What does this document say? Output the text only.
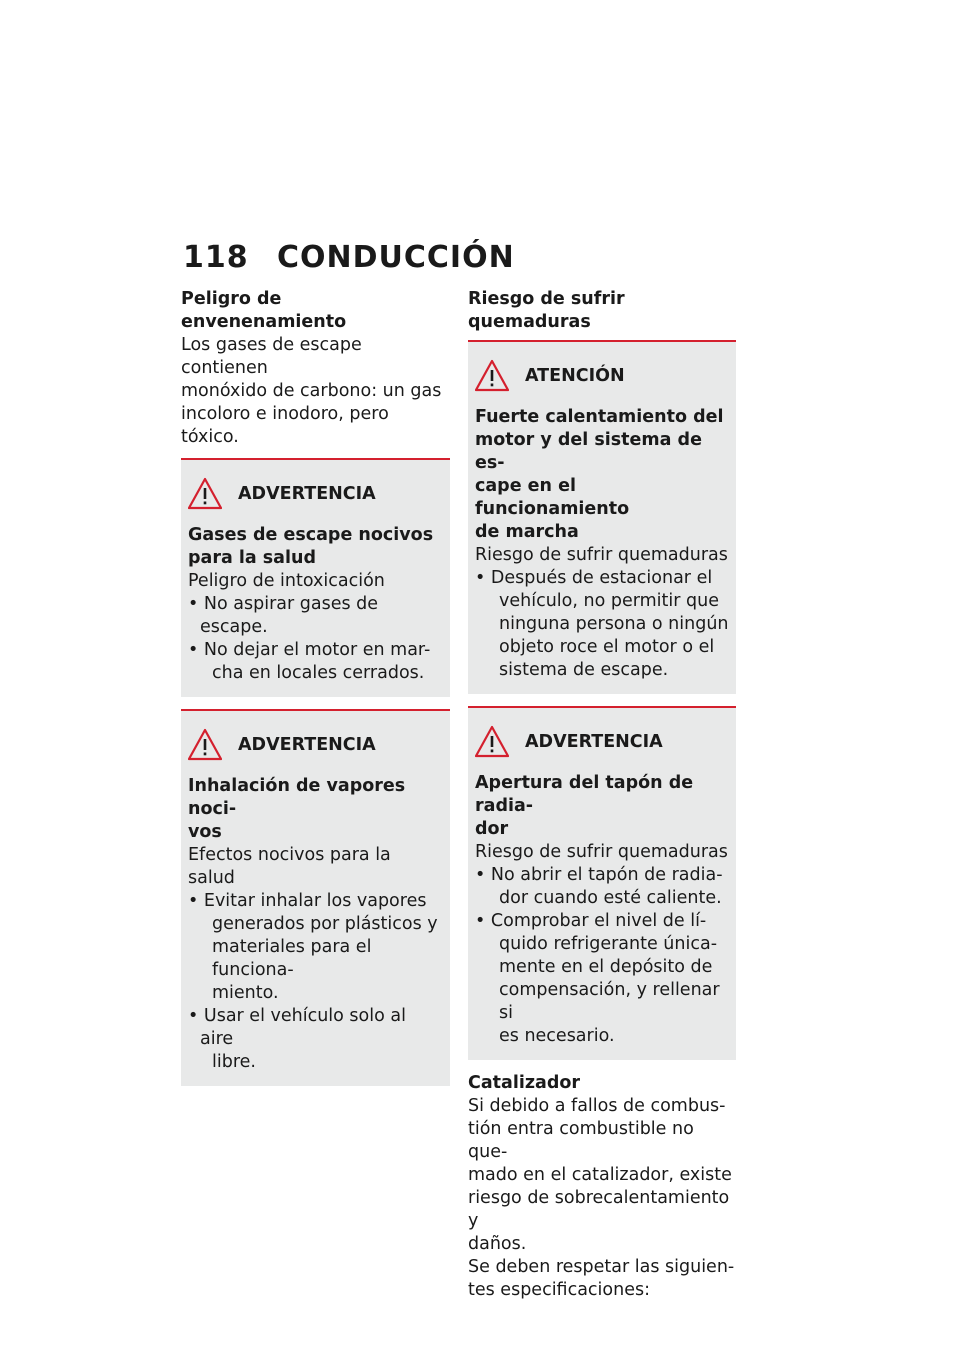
118 CONDUCCIÓN
Peligro de envenenamiento
Los gases de escape contienen
monóxido de carbono: un gas
incoloro e inodoro, pero tóxico.
ADVERTENCIA
Gases de escape nocivos
para la salud
Peligro de intoxicación
• No aspirar gases de escape.
• No dejar el motor en mar-
cha en locales cerrados.
ADVERTENCIA
Inhalación de vapores noci-
vos
Efectos nocivos para la salud
• Evitar inhalar los vapores
generados por plásticos y
materiales para el funciona-
miento.
• Usar el vehículo solo al aire
libre.
Riesgo de sufrir quemaduras
ATENCIÓN
Fuerte calentamiento del
motor y del sistema de es-
cape en el funcionamiento
de marcha
Riesgo de sufrir quemaduras
• Después de estacionar el
vehículo, no permitir que
ninguna persona o ningún
objeto roce el motor o el
sistema de escape.
ADVERTENCIA
Apertura del tapón de radia-
dor
Riesgo de sufrir quemaduras
• No abrir el tapón de radia-
dor cuando esté caliente.
• Comprobar el nivel de lí-
quido refrigerante única-
mente en el depósito de
compensación, y rellenar si
es necesario.
Catalizador
Si debido a fallos de combus-
tión entra combustible no que-
mado en el catalizador, existe
riesgo de sobrecalentamiento y
daños.
Se deben respetar las siguien-
tes especificaciones:
